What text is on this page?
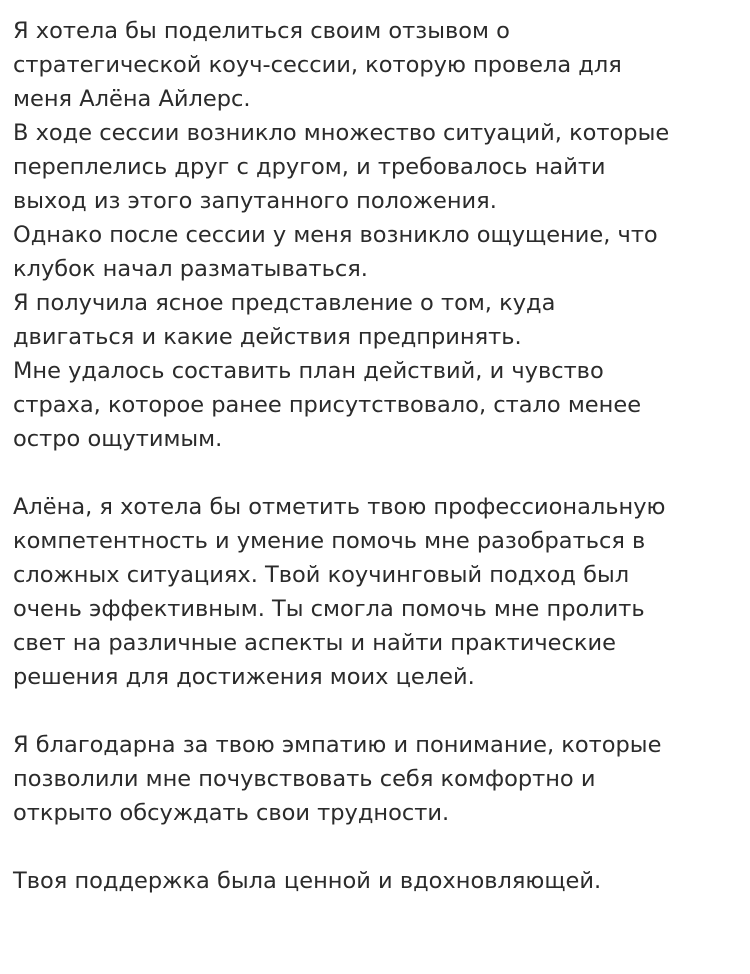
Я хотела бы поделиться своим отзывом о
стратегической коуч-сессии, которую провела для
меня Алёна Айлерс.
В ходе сессии возникло множество ситуаций, которые
переплелись друг с другом, и требовалось найти
выход из этого запутанного положения.
Однако после сессии у меня возникло ощущение, что
клубок начал разматываться.
Я получила ясное представление о том, куда
двигаться и какие действия предпринять.
Мне удалось составить план действий, и чувство
страха, которое ранее присутствовало, стало менее
остро ощутимым.
Алёна, я хотела бы отметить твою профессиональную
компетентность и умение помочь мне разобраться в
сложных ситуациях. Твой коучинговый подход был
очень эффективным. Ты смогла помочь мне пролить
свет на различные аспекты и найти практические
решения для достижения моих целей.
Я благодарна за твою эмпатию и понимание, которые
позволили мне почувствовать себя комфортно и
открыто обсуждать свои трудности.
Твоя поддержка была ценной и вдохновляющей.
